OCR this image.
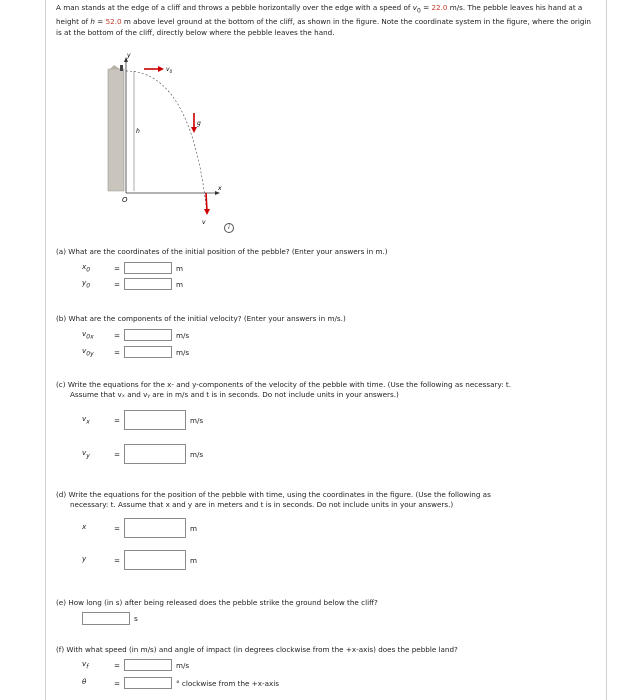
A man stands at the edge of a cliff and throws a pebble horizontally over the edge with a speed of $v_0 = 22.0$ m/s. The pebble leaves his hand at a height of h = 52.0 m above level ground at the bottom of the cliff, as shown in the figure. Note the coordinate system in the figure, where the origin is at the bottom of the cliff, directly below where the pebble leaves the hand.
y
x
O
h
$v_0$
g
v
i
(a) What are the coordinates of the initial position of the pebble? (Enter your answers in m.)
$x_0$	=	m
$y_0$	=	m
(b) What are the components of the initial velocity? (Enter your answers in m/s.)
$v_{0x}$	=	m/s
$v_{0y}$	=	m/s
(c) Write the equations for the x- and y-components of the velocity of the pebble with time. (Use the following as necessary: t.
Assume that vₓ and vᵧ are in m/s and t is in seconds. Do not include units in your answers.)
$v_x$	=	m/s
$v_y$	=	m/s
(d) Write the equations for the position of the pebble with time, using the coordinates in the figure. (Use the following as
necessary: t. Assume that x and y are in meters and t is in seconds. Do not include units in your answers.)
x	=	m
y	=	m
(e) How long (in s) after being released does the pebble strike the ground below the cliff?
s
(f) With what speed (in m/s) and angle of impact (in degrees clockwise from the +x-axis) does the pebble land?
$v_f$	=	m/s
θ	=	° clockwise from the +x-axis
